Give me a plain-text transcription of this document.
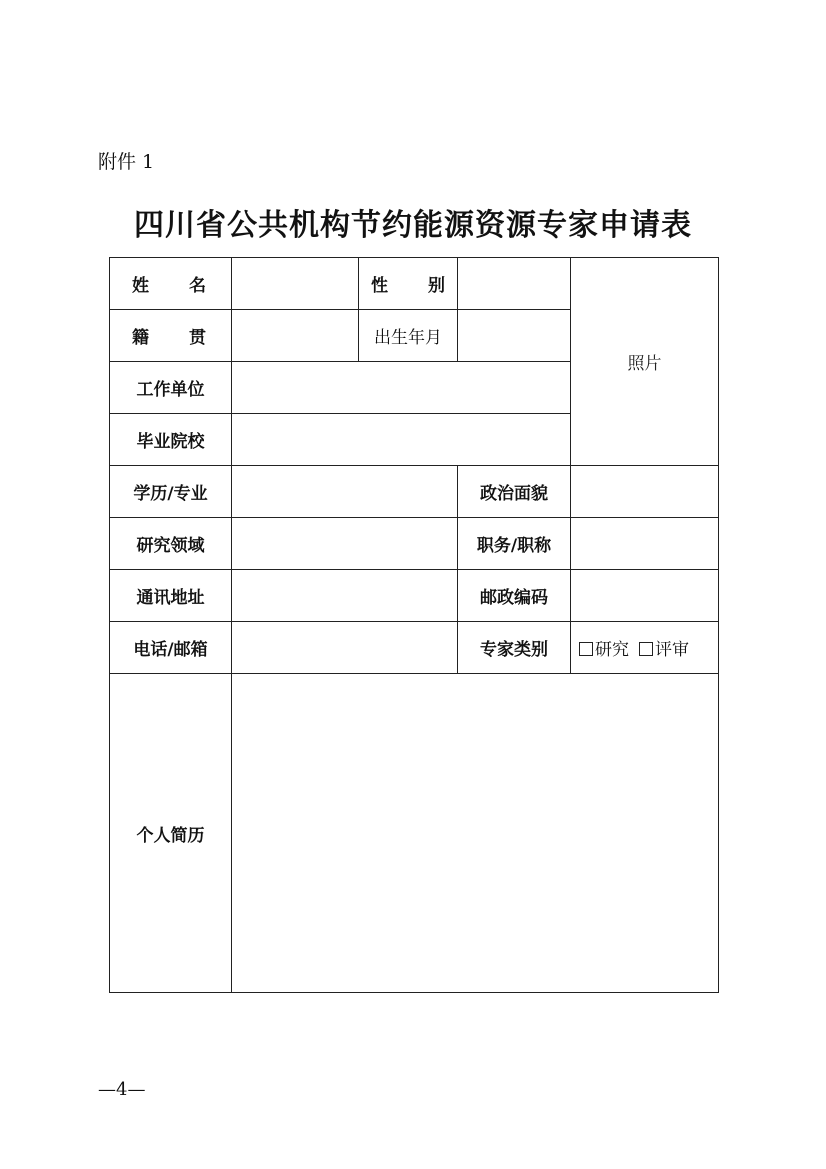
附件 1
四川省公共机构节约能源资源专家申请表
姓 名		性 别		照片
籍 贯		出生年月		
工作单位				
毕业院校				
学历/专业			政治面貌	
研究领域			职务/职称	
通讯地址			邮政编码	
电话/邮箱			专家类别	研究 评审
个人简历				
—4—
